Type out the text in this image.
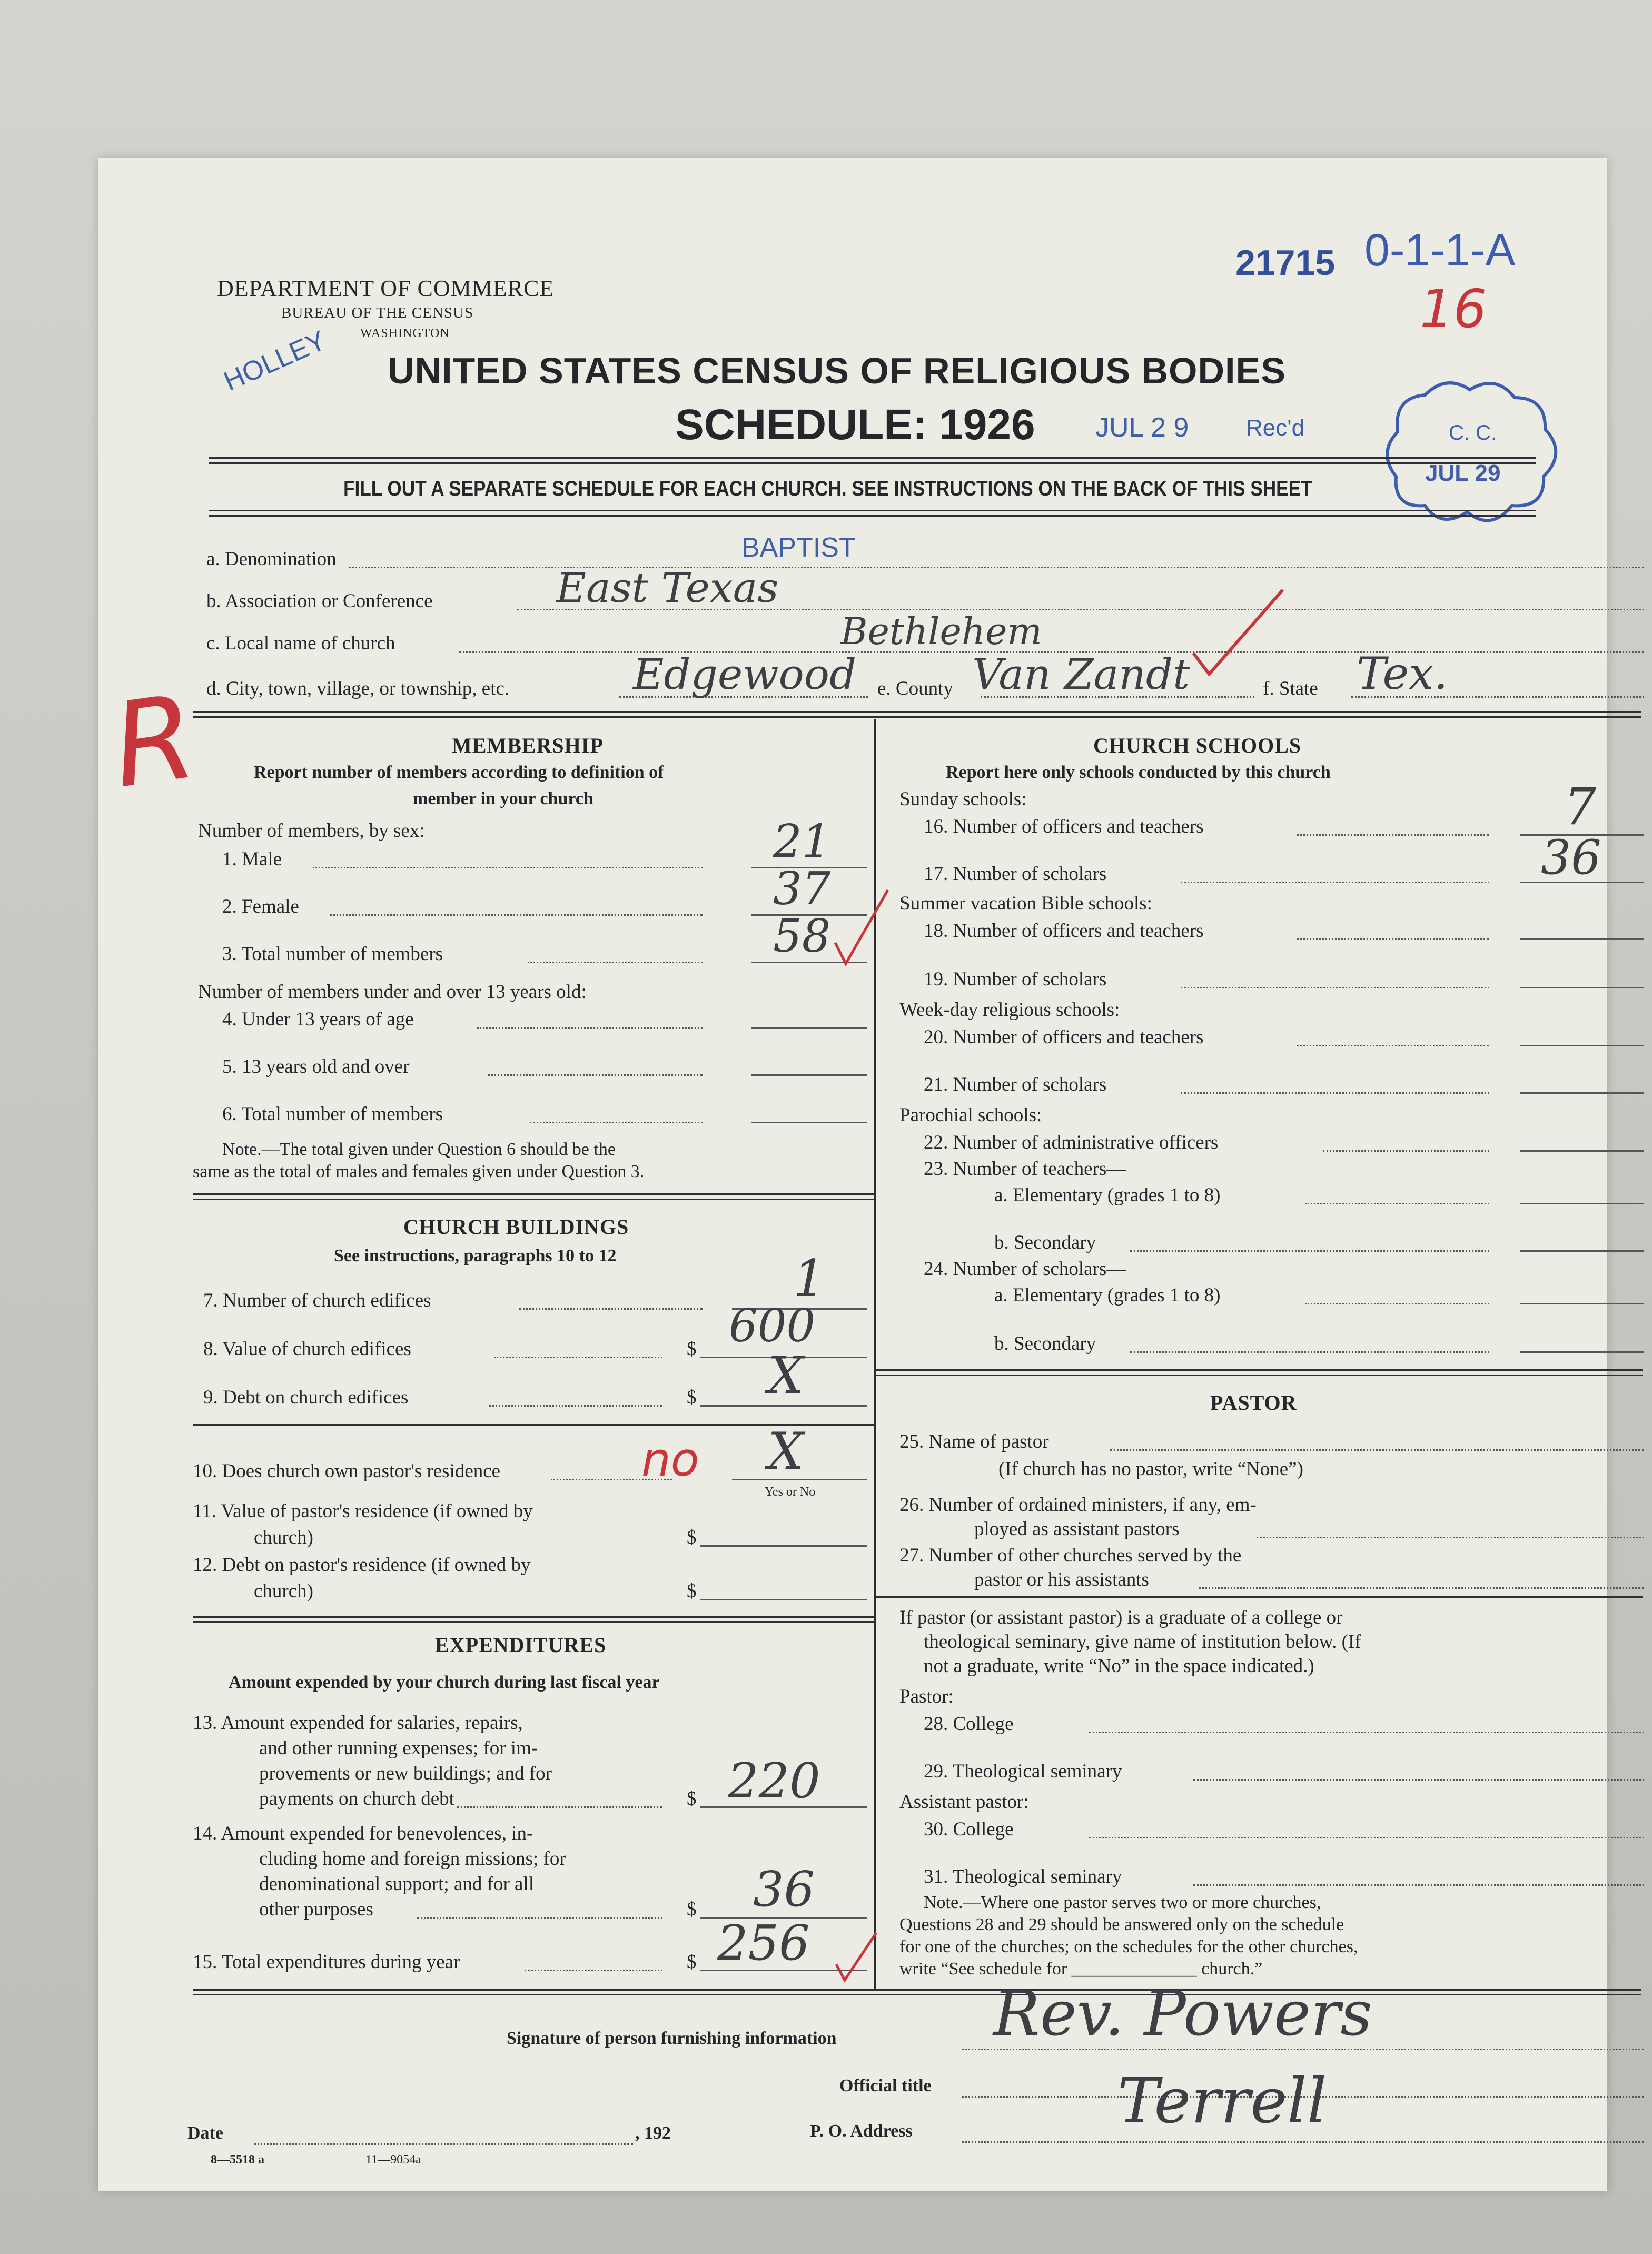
DEPARTMENT OF COMMERCE
BUREAU OF THE CENSUS
WASHINGTON
UNITED STATES CENSUS OF RELIGIOUS BODIES
SCHEDULE: 1926
21715 0-1-1-A
16
HOLLEY
JUL 2 9 Rec'd	C. C.
JUL 29
FILL OUT A SEPARATE SCHEDULE FOR EACH CHURCH. SEE INSTRUCTIONS ON THE BACK OF THIS SHEET
BAPTIST
a. Denomination
b. Association or Conference	East Texas
c. Local name of church	Bethlehem
d. City, town, village, or township, etc.	Edgewood e. County Van Zandt	f. State Tex.
R	MEMBERSHIP
Report number of members according to definition of
member in your church
Number of members, by sex:
1. Male	21
2. Female	37
3. Total number of members	58
Number of members under and over 13 years old:
4. Under 13 years of age
5. 13 years old and over
6. Total number of members
Note.—The total given under Question 6 should be the
same as the total of males and females given under Question 3.
CHURCH BUILDINGS
See instructions, paragraphs 10 to 12
7. Number of church edifices	1
8. Value of church edifices	$ 600
9. Debt on church edifices	$ X
10. Does church own pastor's residence	no X
Yes or No
11. Value of pastor's residence (if owned by
church)	$
12. Debt on pastor's residence (if owned by
church)	$
EXPENDITURES
Amount expended by your church during last fiscal year
13. Amount expended for salaries, repairs,
and other running expenses; for im-
provements or new buildings; and for
payments on church debt	$ 220
14. Amount expended for benevolences, in-
cluding home and foreign missions; for
denominational support; and for all
other purposes	$ 36
15. Total expenditures during year	$ 256
CHURCH SCHOOLS
Report here only schools conducted by this church
Sunday schools:
16. Number of officers and teachers	7
17. Number of scholars	36
Summer vacation Bible schools:
18. Number of officers and teachers
19. Number of scholars
Week-day religious schools:
20. Number of officers and teachers
21. Number of scholars
Parochial schools:
22. Number of administrative officers
23. Number of teachers—
a. Elementary (grades 1 to 8)
b. Secondary
24. Number of scholars—
a. Elementary (grades 1 to 8)
b. Secondary
PASTOR
25. Name of pastor
(If church has no pastor, write “None”)
26. Number of ordained ministers, if any, em-
ployed as assistant pastors
27. Number of other churches served by the
pastor or his assistants
If pastor (or assistant pastor) is a graduate of a college or
theological seminary, give name of institution below. (If
not a graduate, write “No” in the space indicated.)
Pastor:
28. College
29. Theological seminary
Assistant pastor:
30. College
31. Theological seminary
Note.—Where one pastor serves two or more churches,
Questions 28 and 29 should be answered only on the schedule
for one of the churches; on the schedules for the other churches,
write “See schedule for ______________ church.”
Signature of person furnishing information	Rev. Powers
Official title
Date	, 192	P. O. Address	Terrell
8—5518 a	11—9054a
